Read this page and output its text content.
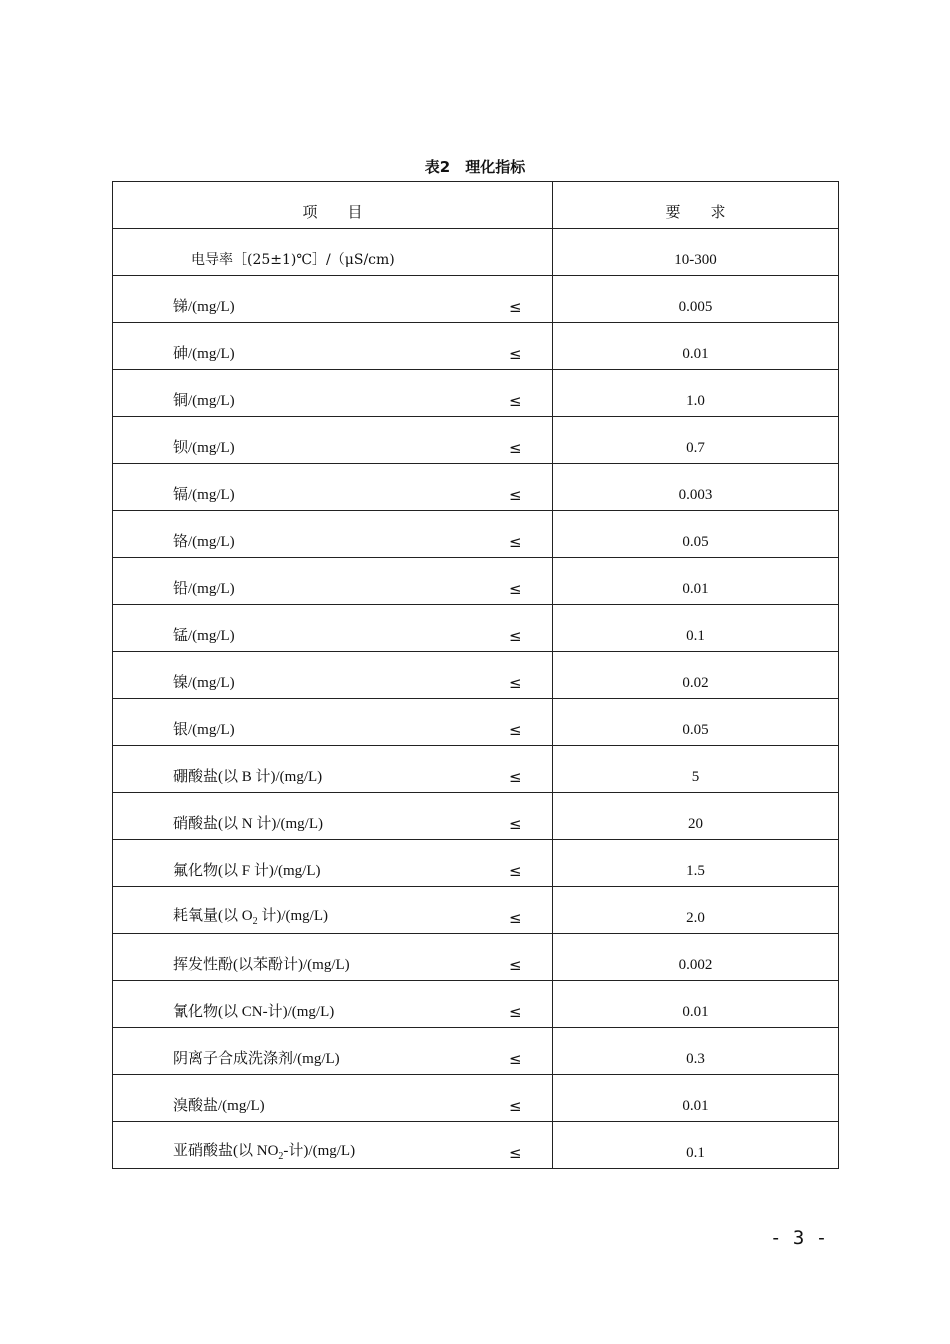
表2　理化指标
项　　目	要　　求

电导率［(25±1)℃］/（μS/cm)	10-300

锑/(mg/L) ≤	0.005

砷/(mg/L) ≤	0.01

铜/(mg/L) ≤	1.0

钡/(mg/L) ≤	0.7

镉/(mg/L) ≤	0.003

铬/(mg/L) ≤	0.05

铅/(mg/L) ≤	0.01

锰/(mg/L) ≤	0.1

镍/(mg/L) ≤	0.02

银/(mg/L) ≤	0.05

硼酸盐(以 B 计)/(mg/L) ≤	5

硝酸盐(以 N 计)/(mg/L) ≤	20

氟化物(以 F 计)/(mg/L) ≤	1.5

耗氧量(以 $O_2$ 计)/(mg/L) ≤	2.0

挥发性酚(以苯酚计)/(mg/L) ≤	0.002

氰化物(以 CN-计)/(mg/L) ≤	0.01

阴离子合成洗涤剂/(mg/L) ≤	0.3

溴酸盐/(mg/L) ≤	0.01

亚硝酸盐(以 $NO_2-$计)/(mg/L) ≤	0.1
- 3 -
